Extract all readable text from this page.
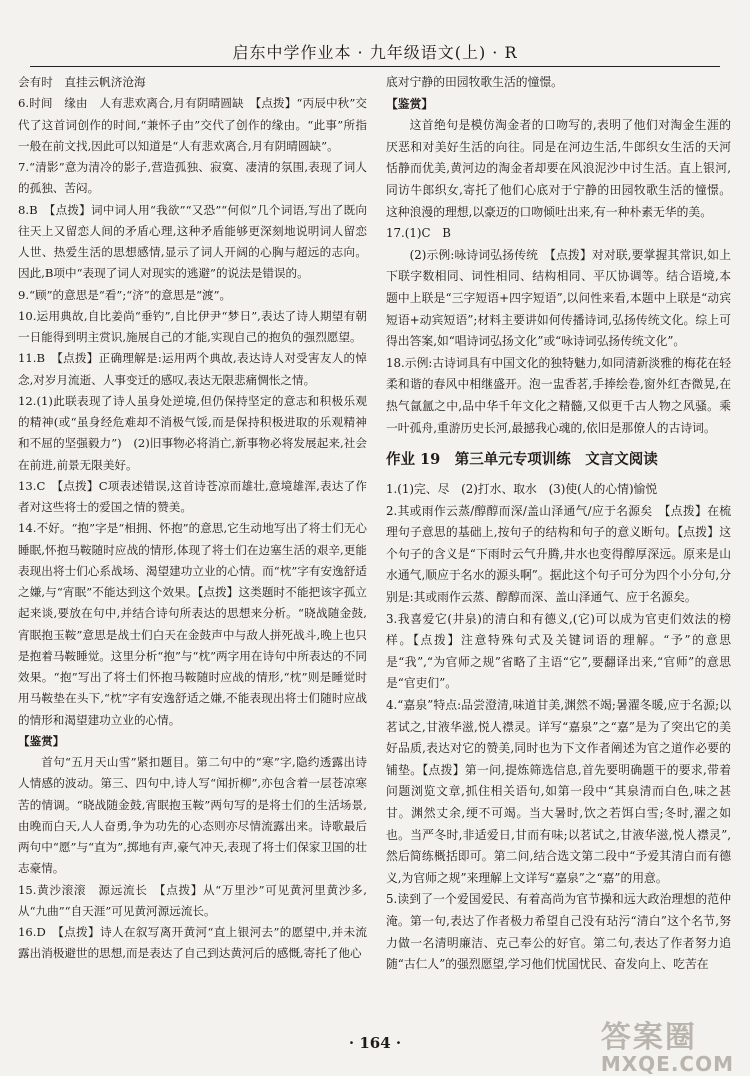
启东中学作业本 · 九年级语文(上) · R

会有时　直挂云帆济沧海

6.时间　缘由　人有悲欢离合,月有阴晴圆缺　【点拨】“丙辰中秋”交代了这首词创作的时间,“兼怀子由”交代了创作的缘由。“此事”所指一般在前文找,因此可以知道是“人有悲欢离合,月有阴晴圆缺”。

7.“清影”意为清冷的影子,营造孤独、寂寞、凄清的氛围,表现了词人的孤独、苦闷。

8.B　【点拨】词中词人用“我欲”“又恐”“何似”几个词语,写出了既向往天上又留恋人间的矛盾心理,这种矛盾能够更深刻地说明词人留恋人世、热爱生活的思想感情,显示了词人开阔的心胸与超远的志向。因此,B项中“表现了词人对现实的逃避”的说法是错误的。

9.“顾”的意思是“看”;“济”的意思是“渡”。

10.运用典故,自比姜尚“垂钓”,自比伊尹“梦日”,表达了诗人期望有朝一日能得到明主赏识,施展自己的才能,实现自己的抱负的强烈愿望。

11.B　【点拨】正确理解是:运用两个典故,表达诗人对受害友人的悼念,对岁月流逝、人事变迁的感叹,表达无限悲痛惆怅之情。

12.(1)此联表现了诗人虽身处逆境,但仍保持坚定的意志和积极乐观的精神(或“虽身经危难却不消极气馁,而是保持积极进取的乐观精神和不屈的坚强毅力”)　(2)旧事物必将消亡,新事物必将发展起来,社会在前进,前景无限美好。

13.C　【点拨】C项表述错误,这首诗苍凉而雄壮,意境雄浑,表达了作者对这些将士的爱国之情的赞美。

14.不好。“抱”字是“相拥、怀抱”的意思,它生动地写出了将士们无心睡眠,怀抱马鞍随时应战的情形,体现了将士们在边塞生活的艰辛,更能表现出将士们心系战场、渴望建功立业的心情。而“枕”字有安逸舒适之嫌,与“宵眠”不能达到这个效果。【点拨】这类题时不能把该字孤立起来谈,要放在句中,并结合诗句所表达的思想来分析。“晓战随金鼓,宵眠抱玉鞍”意思是战士们白天在金鼓声中与敌人拼死战斗,晚上也只是抱着马鞍睡觉。这里分析“抱”与“枕”两字用在诗句中所表达的不同效果。“抱”写出了将士们怀抱马鞍随时应战的情形,“枕”则是睡觉时用马鞍垫在头下,“枕”字有安逸舒适之嫌,不能表现出将士们随时应战的情形和渴望建功立业的心情。

【鉴赏】

首句“五月天山雪”紧扣题目。第二句中的“寒”字,隐约透露出诗人情感的波动。第三、四句中,诗人写“闻折柳”,亦包含着一层苍凉寒苦的情调。“晓战随金鼓,宵眠抱玉鞍”两句写的是将士们的生活场景,由晚而白天,人人奋勇,争为功先的心态则亦尽情流露出来。诗歌最后两句中“愿”与“直为”,掷地有声,豪气冲天,表现了将士们保家卫国的壮志豪情。

15.黄沙滚滚　源远流长　【点拨】从“万里沙”可见黄河里黄沙多,从“九曲”“自天涯”可见黄河源远流长。

16.D　【点拨】诗人在叙写离开黄河“直上银河去”的愿望中,并未流露出消极避世的思想,而是表达了自己到达黄河后的感慨,寄托了他心

底对宁静的田园牧歌生活的憧憬。

【鉴赏】

这首绝句是模仿淘金者的口吻写的,表明了他们对淘金生涯的厌恶和对美好生活的向往。同是在河边生活,牛郎织女生活的天河恬静而优美,黄河边的淘金者却要在风浪泥沙中讨生活。直上银河,同访牛郎织女,寄托了他们心底对于宁静的田园牧歌生活的憧憬。这种浪漫的理想,以豪迈的口吻倾吐出来,有一种朴素无华的美。

17.(1)C　B

(2)示例:咏诗词弘扬传统　【点拨】对对联,要掌握其常识,如上下联字数相同、词性相同、结构相同、平仄协调等。结合语境,本题中上联是“三字短语+四字短语”,以问性来看,本题中上联是“动宾短语+动宾短语”;材料主要讲如何传播诗词,弘扬传统文化。综上可得出答案,如“唱诗词弘扬文化”或“咏诗词弘扬传统文化”。

18.示例:古诗词具有中国文化的独特魅力,如同清新淡雅的梅花在轻柔和谐的春风中相继盛开。泡一盅香茗,手捧绘卷,窗外红杏微晃,在热气氤氲之中,品中华千年文化之精髓,又似更千古人物之风骚。乘一叶孤舟,重游历史长河,最撼我心魂的,依旧是那僚人的古诗词。

作业 19　第三单元专项训练　文言文阅读

1.(1)完、尽　(2)打水、取水　(3)使(人的心情)愉悦

2.其或雨作云蒸/醇醇而深/盖山泽通气/应于名源矣　【点拨】在梳理句子意思的基础上,按句子的结构和句子的意义断句。【点拨】这个句子的含义是“下雨时云气升腾,井水也变得醇厚深远。原来是山水通气,顺应于名水的源头啊”。据此这个句子可分为四个小分句,分别是:其或雨作云蒸、醇醇而深、盖山泽通气、应于名源矣。

3.我喜爱它(井泉)的清白和有德义,(它)可以成为官吏们效法的榜样。【点拨】注意特殊句式及关键词语的理解。“予”的意思是“我”,“为官师之规”省略了主语“它”,要翻译出来,“官师”的意思是“官吏们”。

4.“嘉泉”特点:品尝澄清,味道甘美,渊然不竭;暑濯冬暖,应于名源;以茗试之,甘液华滋,悦人襟灵。详写“嘉泉”之“嘉”是为了突出它的美好品质,表达对它的赞美,同时也为下文作者阐述为官之道作必要的铺垫。【点拨】第一问,提炼筛选信息,首先要明确题干的要求,带着问题浏览文章,抓住相关语句,如第一段中“其泉清而白色,味之甚甘。渊然丈余,绠不可竭。当大暑时,饮之若饵白雪;冬时,濯之如也。当严冬时,非适爱日,甘而有味;以茗试之,甘液华滋,悦人襟灵”,然后简练概括即可。第二问,结合选文第二段中“予爱其清白而有德义,为官师之规”来理解上文详写“嘉泉”之“嘉”的用意。

5.读到了一个爱国爱民、有着高尚为官节操和远大政治理想的范仲淹。第一句,表达了作者极力希望自己没有玷污“清白”这个名节,努力做一名清明廉洁、克己奉公的好官。第二句,表达了作者努力追随“古仁人”的强烈愿望,学习他们忧国忧民、奋发向上、吃苦在

· 164 ·	答案圈
MXQE.COM
